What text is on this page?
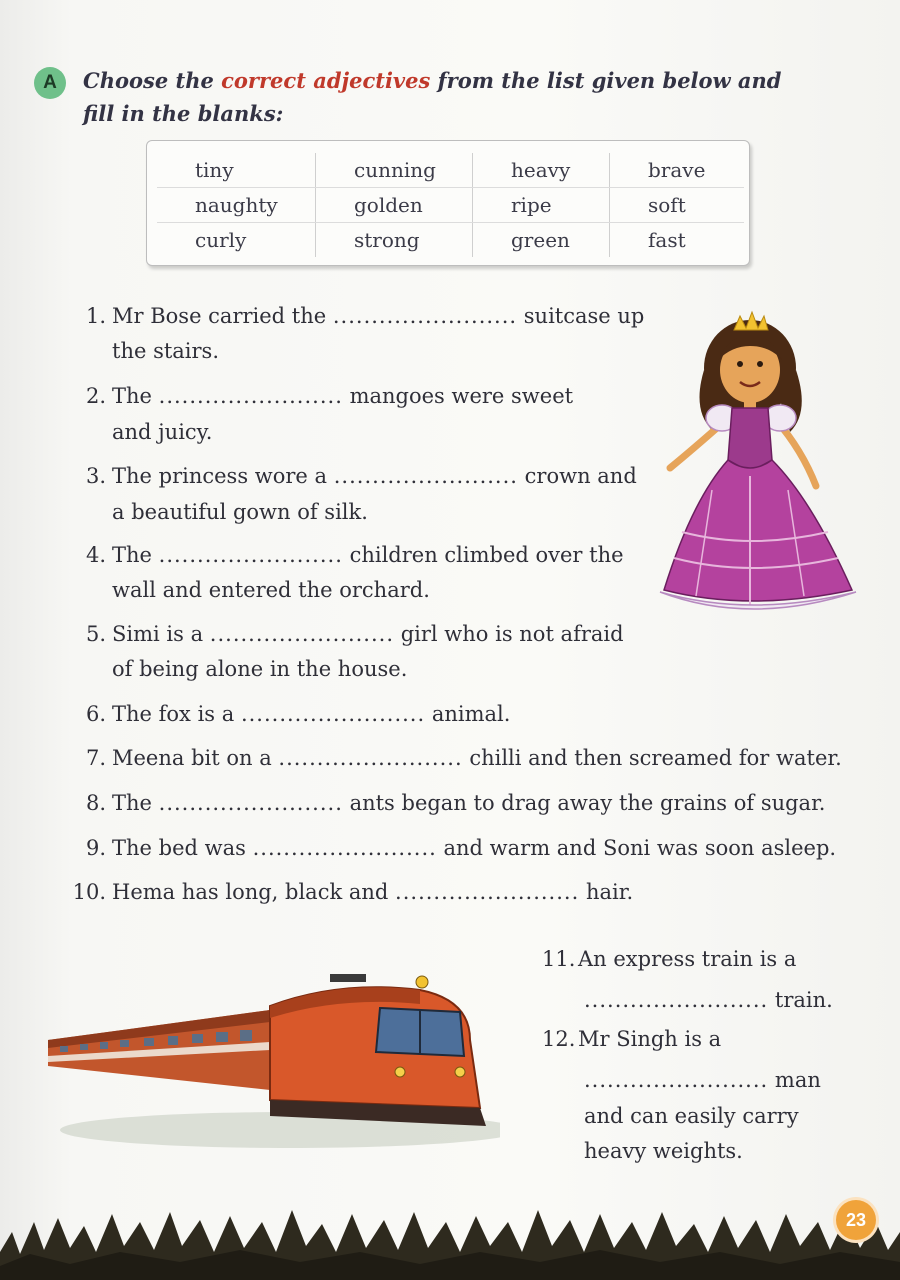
A	Choose the correct adjectives from the list given below and fill in the blanks:
tiny	cunning	heavy	brave
naughty	golden	ripe	soft
curly	strong	green	fast
1. Mr Bose carried the ........................ suitcase up
the stairs.
2. The ........................ mangoes were sweet
and juicy.
3. The princess wore a ........................ crown and
a beautiful gown of silk.
4. The ........................ children climbed over the
wall and entered the orchard.
5. Simi is a ........................ girl who is not afraid
of being alone in the house.
6. The fox is a ........................ animal.
7. Meena bit on a ........................ chilli and then screamed for water.
8. The ........................ ants began to drag away the grains of sugar.
9. The bed was ........................ and warm and Soni was soon asleep.
10. Hema has long, black and ........................ hair.
11. An express train is a
........................ train.
12. Mr Singh is a
........................ man
and can easily carry
heavy weights.
23
